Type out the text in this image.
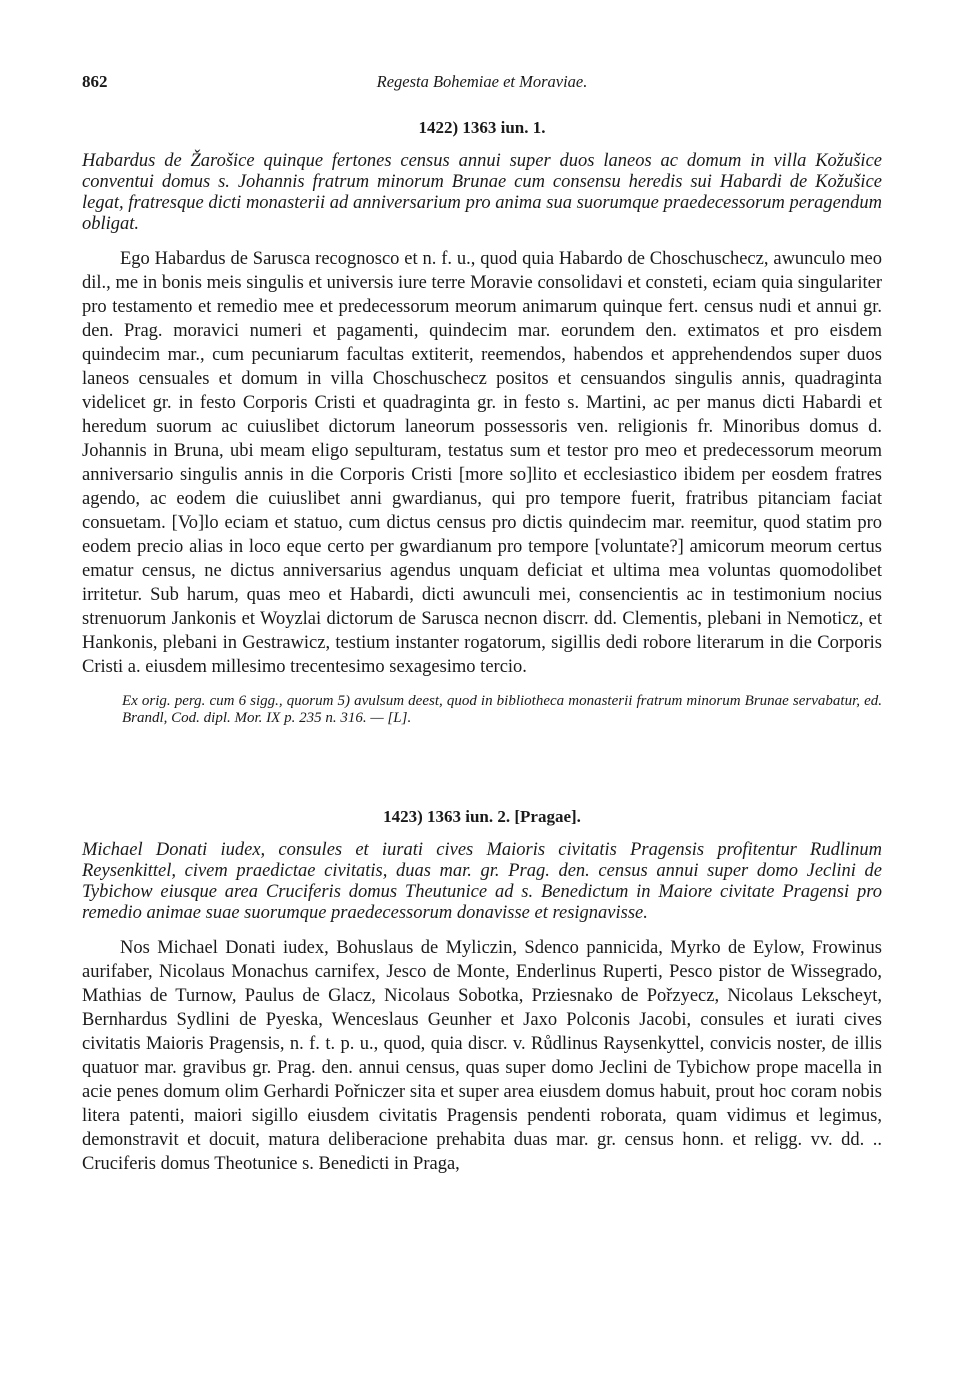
862	Regesta Bohemiae et Moraviae.
1422) 1363 iun. 1.

Habardus de Žarošice quinque fertones census annui super duos laneos ac domum in villa Kožušice conventui domus s. Johannis fratrum minorum Brunae cum consensu heredis sui Habardi de Kožušice legat, fratresque dicti monasterii ad anniversarium pro anima sua suorumque praedecessorum peragendum obligat.

Ego Habardus de Sarusca recognosco et n. f. u., quod quia Habardo de Choschuschecz, awunculo meo dil., me in bonis meis singulis et universis iure terre Moravie consolidavi et consteti, eciam quia singulariter pro testamento et remedio mee et predecessorum meorum animarum quinque fert. census nudi et annui gr. den. Prag. moravici numeri et pagamenti, quindecim mar. eorundem den. extimatos et pro eisdem quindecim mar., cum pecuniarum facultas extiterit, reemendos, habendos et apprehendendos super duos laneos censuales et domum in villa Choschuschecz positos et censuandos singulis annis, quadraginta videlicet gr. in festo Corporis Cristi et quadraginta gr. in festo s. Martini, ac per manus dicti Habardi et heredum suorum ac cuiuslibet dictorum laneorum possessoris ven. religionis fr. Minoribus domus d. Johannis in Bruna, ubi meam eligo sepulturam, testatus sum et testor pro meo et predecessorum meorum anniversario singulis annis in die Corporis Cristi [more so]lito et ecclesiastico ibidem per eosdem fratres agendo, ac eodem die cuiuslibet anni gwardianus, qui pro tempore fuerit, fratribus pitanciam faciat consuetam. [Vo]lo eciam et statuo, cum dictus census pro dictis quindecim mar. reemitur, quod statim pro eodem precio alias in loco eque certo per gwardianum pro tempore [voluntate?] amicorum meorum certus ematur census, ne dictus anniversarius agendus unquam deficiat et ultima mea voluntas quomodolibet irritetur. Sub harum, quas meo et Habardi, dicti awunculi mei, consencientis ac in testimonium nocius strenuorum Jankonis et Woyzlai dictorum de Sarusca necnon discrr. dd. Clementis, plebani in Nemoticz, et Hankonis, plebani in Gestrawicz, testium instanter rogatorum, sigillis dedi robore literarum in die Corporis Cristi a. eiusdem millesimo trecentesimo sexagesimo tercio.

Ex orig. perg. cum 6 sigg., quorum 5) avulsum deest, quod in bibliotheca monasterii fratrum minorum Brunae servabatur, ed. Brandl, Cod. dipl. Mor. IX p. 235 n. 316. — [L].

1423) 1363 iun. 2. [Pragae].

Michael Donati iudex, consules et iurati cives Maioris civitatis Pragensis profitentur Rudlinum Reysenkittel, civem praedictae civitatis, duas mar. gr. Prag. den. census annui super domo Jeclini de Tybichow eiusque area Cruciferis domus Theutunice ad s. Benedictum in Maiore civitate Pragensi pro remedio animae suae suorumque praedecessorum donavisse et resignavisse.

Nos Michael Donati iudex, Bohuslaus de Myliczin, Sdenco pannicida, Myrko de Eylow, Frowinus aurifaber, Nicolaus Monachus carnifex, Jesco de Monte, Enderlinus Ruperti, Pesco pistor de Wissegrado, Mathias de Turnow, Paulus de Glacz, Nicolaus Sobotka, Prziesnako de Pořzyecz, Nicolaus Lekscheyt, Bernhardus Sydlini de Pyeska, Wenceslaus Geunher et Jaxo Polconis Jacobi, consules et iurati cives civitatis Maioris Pragensis, n. f. t. p. u., quod, quia discr. v. Růdlinus Raysenkyttel, convicis noster, de illis quatuor mar. gravibus gr. Prag. den. annui census, quas super domo Jeclini de Tybichow prope macella in acie penes domum olim Gerhardi Pořniczer sita et super area eiusdem domus habuit, prout hoc coram nobis litera patenti, maiori sigillo eiusdem civitatis Pragensis pendenti roborata, quam vidimus et legimus, demonstravit et docuit, matura deliberacione prehabita duas mar. gr. census honn. et religg. vv. dd. .. Cruciferis domus Theotunice s. Benedicti in Praga,
